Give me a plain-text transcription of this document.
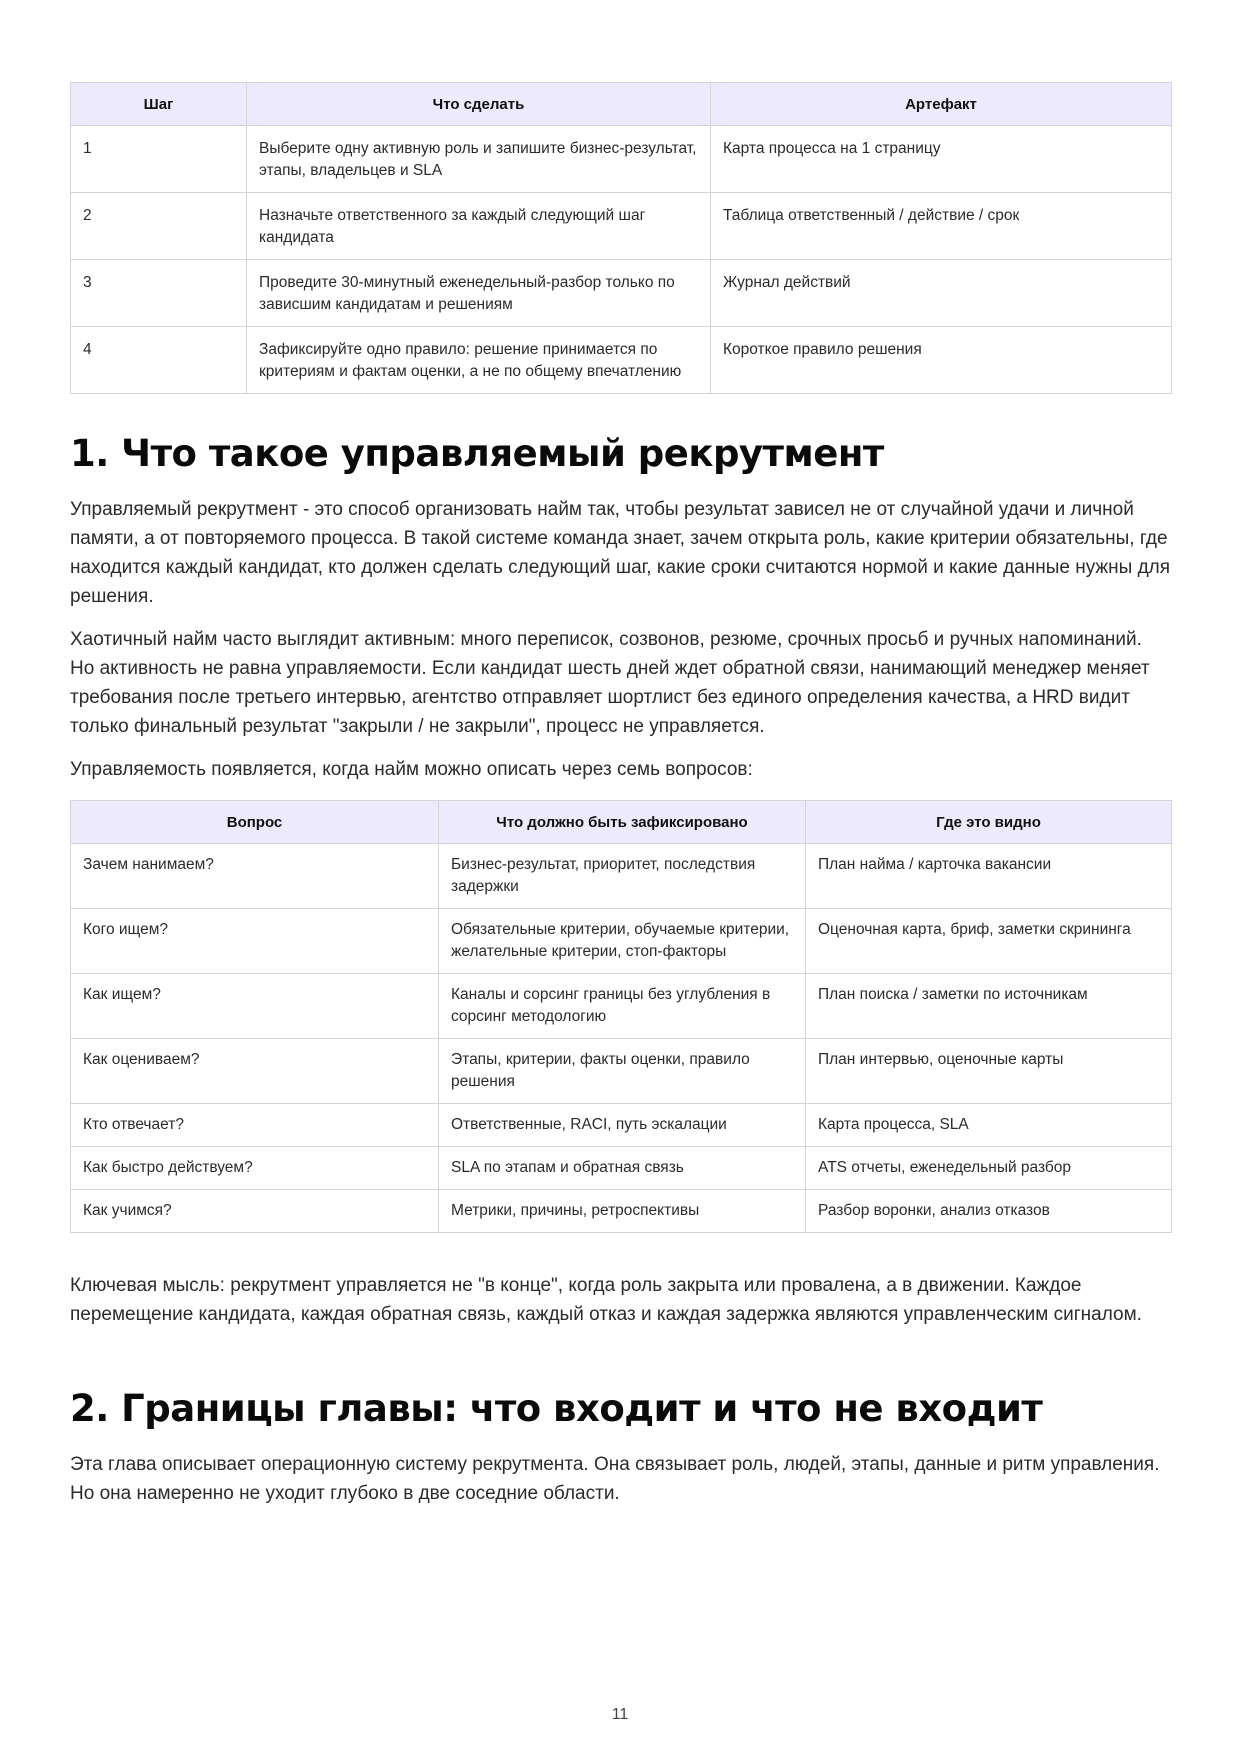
Шаг	Что сделать	Артефакт
1	Выберите одну активную роль и запишите бизнес-результат, этапы, владельцев и SLA	Карта процесса на 1 страницу
2	Назначьте ответственного за каждый следующий шаг кандидата	Таблица ответственный / действие / срок
3	Проведите 30-минутный еженедельный-разбор только по зависшим кандидатам и решениям	Журнал действий
4	Зафиксируйте одно правило: решение принимается по критериям и фактам оценки, а не по общему впечатлению	Короткое правило решения
1. Что такое управляемый рекрутмент

Управляемый рекрутмент - это способ организовать найм так, чтобы результат зависел не от случайной удачи и личной памяти, а от повторяемого процесса. В такой системе команда знает, зачем открыта роль, какие критерии обязательны, где находится каждый кандидат, кто должен сделать следующий шаг, какие сроки считаются нормой и какие данные нужны для решения.

Хаотичный найм часто выглядит активным: много переписок, созвонов, резюме, срочных просьб и ручных напоминаний. Но активность не равна управляемости. Если кандидат шесть дней ждет обратной связи, нанимающий менеджер меняет требования после третьего интервью, агентство отправляет шортлист без единого определения качества, а HRD видит только финальный результат "закрыли / не закрыли", процесс не управляется.

Управляемость появляется, когда найм можно описать через семь вопросов:

Вопрос	Что должно быть зафиксировано	Где это видно
Зачем нанимаем?	Бизнес-результат, приоритет, последствия задержки	План найма / карточка вакансии
Кого ищем?	Обязательные критерии, обучаемые критерии, желательные критерии, стоп-факторы	Оценочная карта, бриф, заметки скрининга
Как ищем?	Каналы и сорсинг границы без углубления в сорсинг методологию	План поиска / заметки по источникам
Как оцениваем?	Этапы, критерии, факты оценки, правило решения	План интервью, оценочные карты
Кто отвечает?	Ответственные, RACI, путь эскалации	Карта процесса, SLA
Как быстро действуем?	SLA по этапам и обратная связь	ATS отчеты, еженедельный разбор
Как учимся?	Метрики, причины, ретроспективы	Разбор воронки, анализ отказов

Ключевая мысль: рекрутмент управляется не "в конце", когда роль закрыта или провалена, а в движении. Каждое перемещение кандидата, каждая обратная связь, каждый отказ и каждая задержка являются управленческим сигналом.

2. Границы главы: что входит и что не входит

Эта глава описывает операционную систему рекрутмента. Она связывает роль, людей, этапы, данные и ритм управления. Но она намеренно не уходит глубоко в две соседние области.

11
